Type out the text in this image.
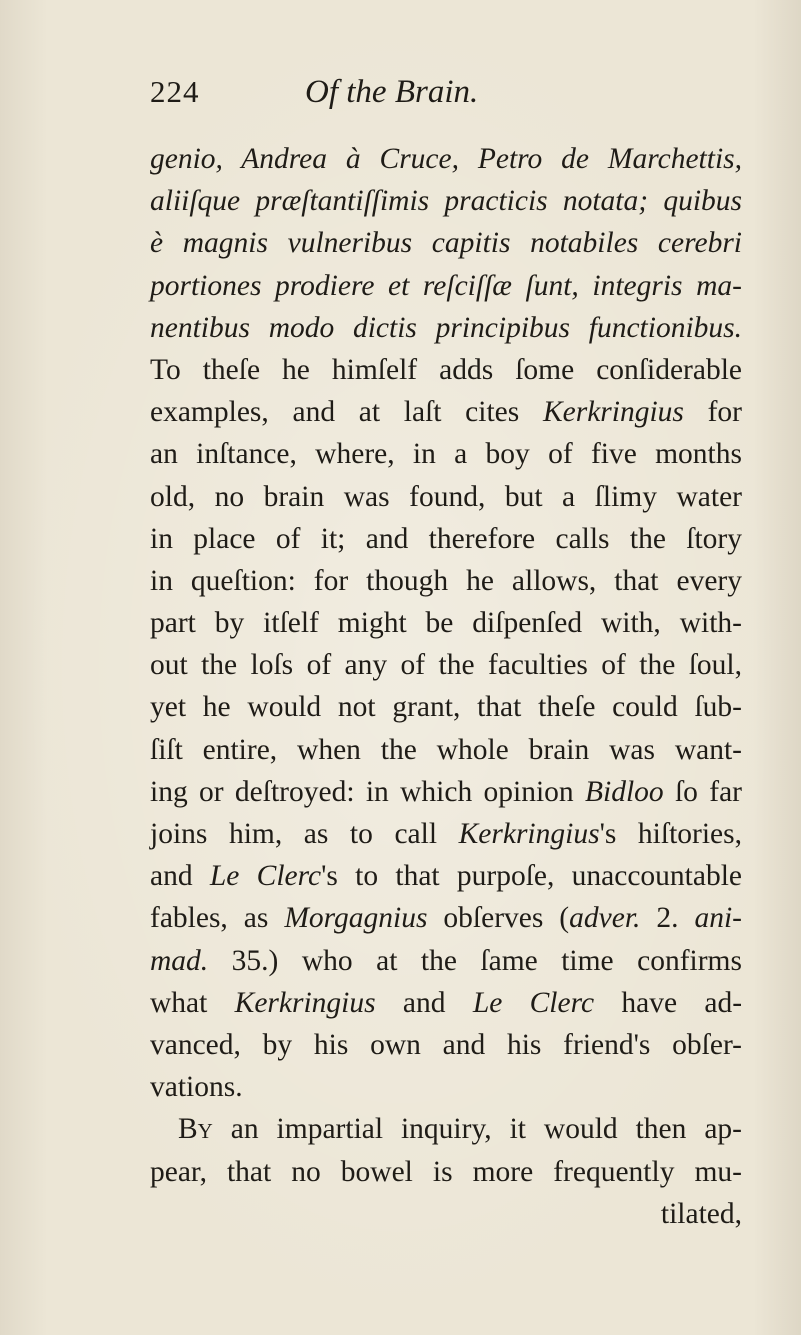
224	Of the Brain.
genio, Andrea à Cruce, Petro de Marchettis,
aliiſque præſtantiſſimis practicis notata; quibus
è magnis vulneribus capitis notabiles cerebri
portiones prodiere et reſciſſæ ſunt, integris ma-
nentibus modo dictis principibus functionibus.
To theſe he himſelf adds ſome conſiderable
examples, and at laſt cites Kerkringius for
an inſtance, where, in a boy of five months
old, no brain was found, but a ſlimy water
in place of it; and therefore calls the ſtory
in queſtion: for though he allows, that every
part by itſelf might be diſpenſed with, with-
out the loſs of any of the faculties of the ſoul,
yet he would not grant, that theſe could ſub-
ſiſt entire, when the whole brain was want-
ing or deſtroyed: in which opinion Bidloo ſo far
joins him, as to call Kerkringius's hiſtories,
and Le Clerc's to that purpoſe, unaccountable
fables, as Morgagnius obſerves (adver. 2. ani-
mad. 35.) who at the ſame time confirms
what Kerkringius and Le Clerc have ad-
vanced, by his own and his friend's obſer-
vations.
By an impartial inquiry, it would then ap-
pear, that no bowel is more frequently mu-
tilated,
